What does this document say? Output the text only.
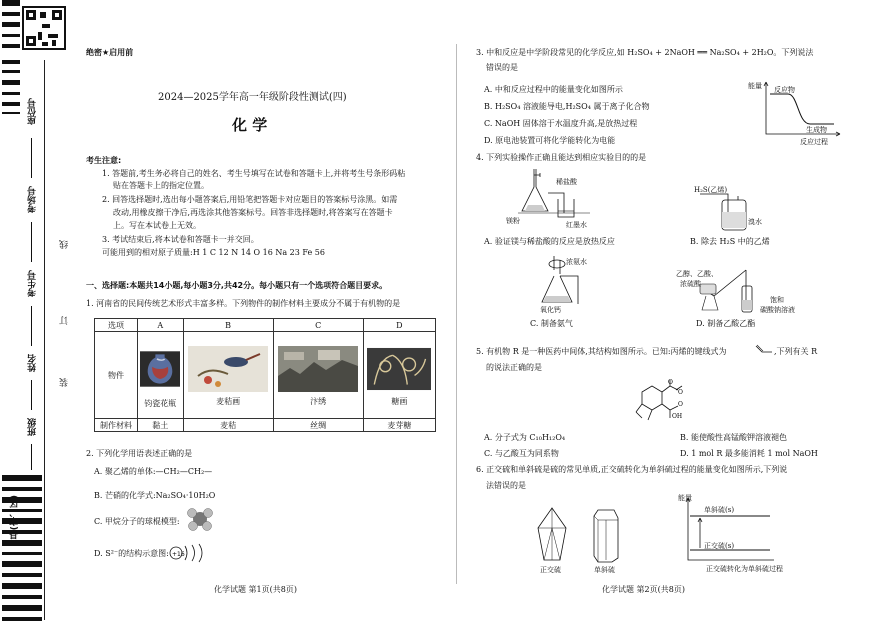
座位号
考场号
考生号
姓名
班级
县(市、区)
线
订
装
绝密★启用前
2024—2025学年高一年级阶段性测试(四)
化 学
考生注意:
1. 答题前,考生务必将自己的姓名、考生号填写在试卷和答题卡上,并将考生号条形码粘
贴在答题卡上的指定位置。
2. 回答选择题时,选出每小题答案后,用铅笔把答题卡对应题目的答案标号涂黑。如需
改动,用橡皮擦干净后,再选涂其他答案标号。回答非选择题时,将答案写在答题卡
上。写在本试卷上无效。
3. 考试结束后,将本试卷和答题卡一并交回。
可能用到的相对原子质量:H 1 C 12 N 14 O 16 Na 23 Fe 56
一、选择题:本题共14小题,每小题3分,共42分。每小题只有一个选项符合题目要求。
1. 河南省的民间传统艺术形式丰富多样。下列物件的制作材料主要成分不属于有机物的是
选项	A	B	C	D
物件	钧瓷花瓶	麦秸画	汴绣	糖画

制作材料	黏土	麦秸	丝绸	麦芽糖
2. 下列化学用语表述正确的是
A. 聚乙烯的单体:—CH₂—CH₂—
B. 芒硝的化学式:Na₂SO₄·10H₂O
C. 甲烷分子的球棍模型:
D. S²⁻的结构示意图: +16
化学试题 第1页(共8页)
3. 中和反应是中学阶段常见的化学反应,如 H₂SO₄ + 2NaOH ══ Na₂SO₄ + 2H₂O。下列说法
错误的是
A. 中和反应过程中的能量变化如图所示
B. H₂SO₄ 溶液能导电,H₂SO₄ 属于离子化合物
C. NaOH 固体溶于水温度升高,是放热过程
D. 原电池装置可将化学能转化为电能
能量 反应物
生成物
反应过程
4. 下列实验操作正确且能达到相应实验目的的是
稀盐酸
镁粉	红墨水
A. 验证镁与稀盐酸的反应是放热反应
H₂S(乙烯)
溴水
B. 除去 H₂S 中的乙烯
浓氨水
氧化钙
C. 制备氨气
乙醇、乙酸、
浓硫酸
饱和
碳酸钠溶液
D. 制备乙酸乙酯
5. 有机物 R 是一种医药中间体,其结构如图所示。已知:丙烯的键线式为	,下列有关 R
的说法正确的是
O
O
OH
O
A. 分子式为 C₁₀H₁₂O₄	B. 能使酸性高锰酸钾溶液褪色
C. 与乙酸互为同系物	D. 1 mol R 最多能消耗 1 mol NaOH
6. 正交硫和单斜硫是硫的常见单质,正交硫转化为单斜硫过程的能量变化如图所示,下列说
法错误的是
正交硫	单斜硫
能量
单斜硫(s)
正交硫(s)
正交硫转化为单斜硫过程
化学试题 第2页(共8页)
